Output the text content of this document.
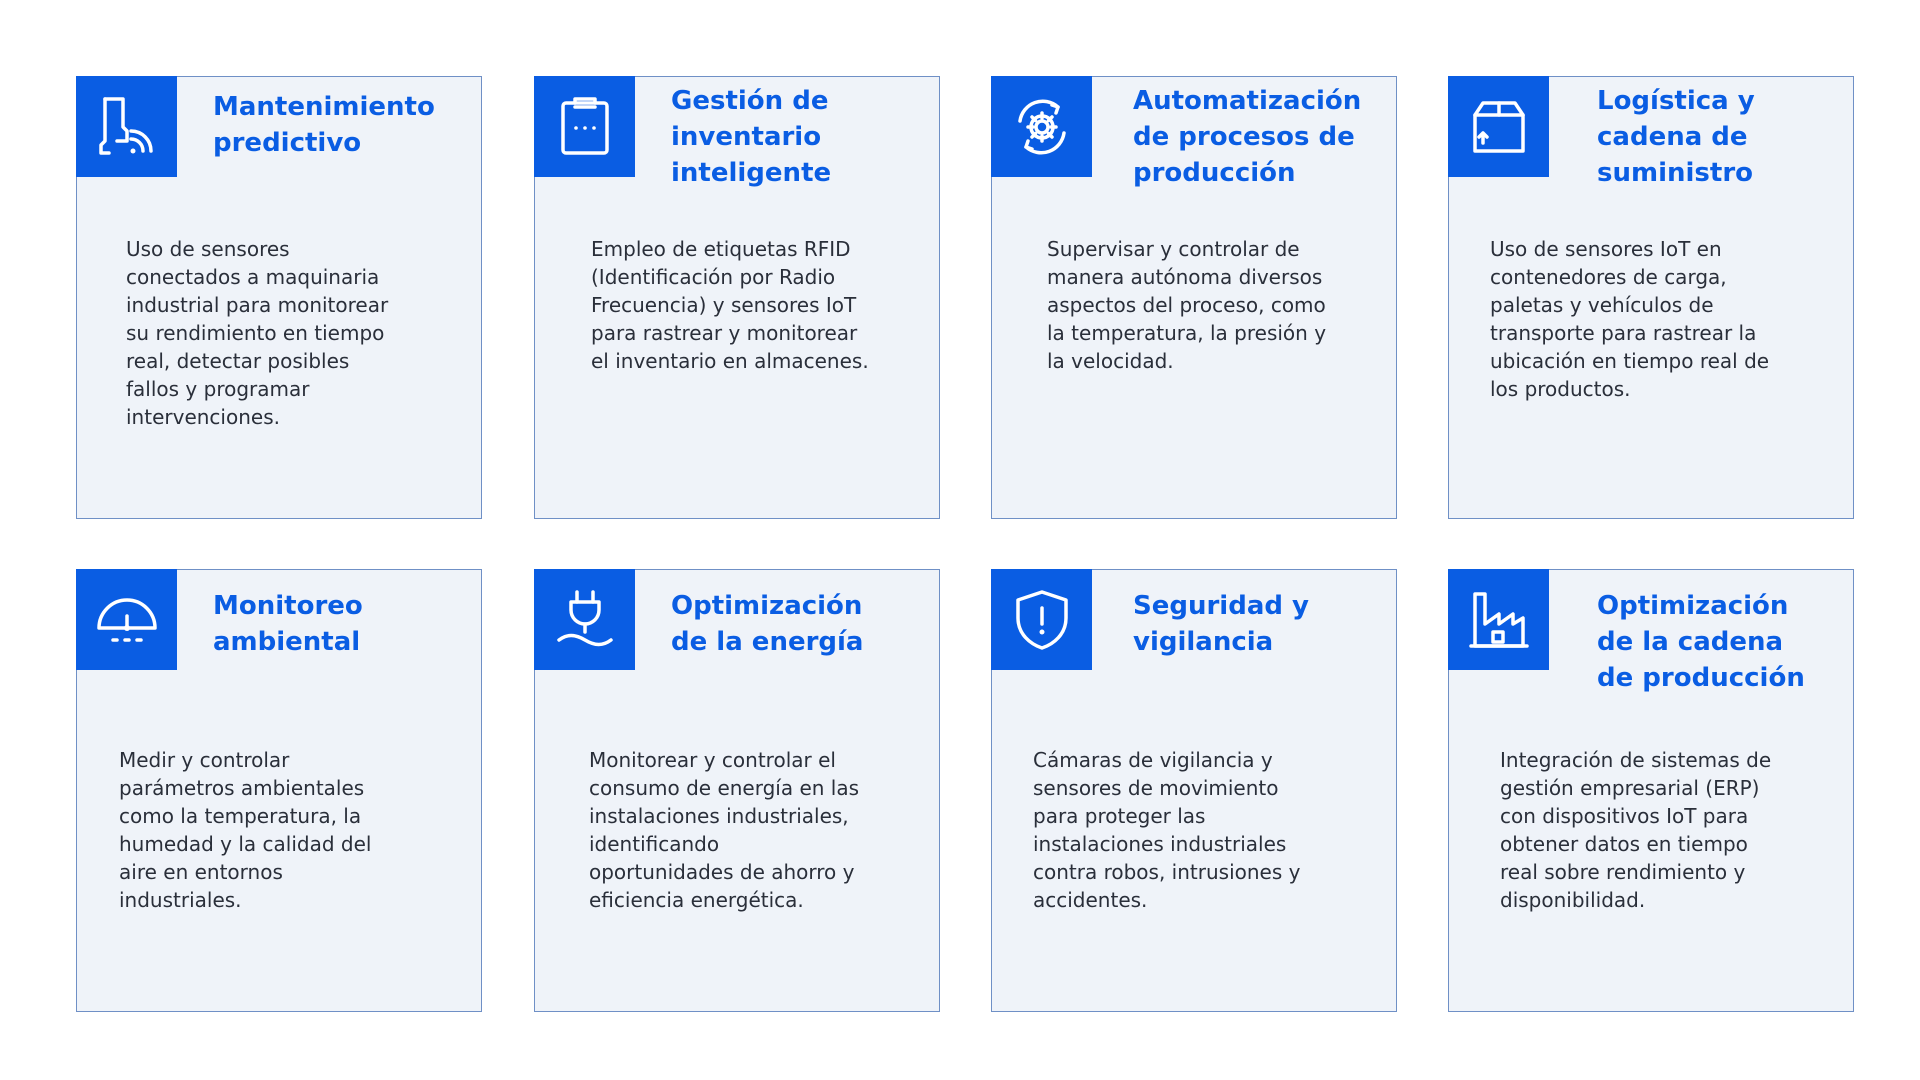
Mantenimiento
predictivo

Uso de sensores
conectados a maquinaria
industrial para monitorear
su rendimiento en tiempo
real, detectar posibles
fallos y programar
intervenciones.

Gestión de
inventario
inteligente

Empleo de etiquetas RFID
(Identificación por Radio
Frecuencia) y sensores IoT
para rastrear y monitorear
el inventario en almacenes.

Automatización
de procesos de
producción

Supervisar y controlar de
manera autónoma diversos
aspectos del proceso, como
la temperatura, la presión y
la velocidad.

Logística y
cadena de
suministro

Uso de sensores IoT en
contenedores de carga,
paletas y vehículos de
transporte para rastrear la
ubicación en tiempo real de
los productos.

Monitoreo
ambiental

Medir y controlar
parámetros ambientales
como la temperatura, la
humedad y la calidad del
aire en entornos
industriales.

Optimización
de la energía

Monitorear y controlar el
consumo de energía en las
instalaciones industriales,
identificando
oportunidades de ahorro y
eficiencia energética.

Seguridad y
vigilancia

Cámaras de vigilancia y
sensores de movimiento
para proteger las
instalaciones industriales
contra robos, intrusiones y
accidentes.

Optimización
de la cadena
de producción

Integración de sistemas de
gestión empresarial (ERP)
con dispositivos IoT para
obtener datos en tiempo
real sobre rendimiento y
disponibilidad.
